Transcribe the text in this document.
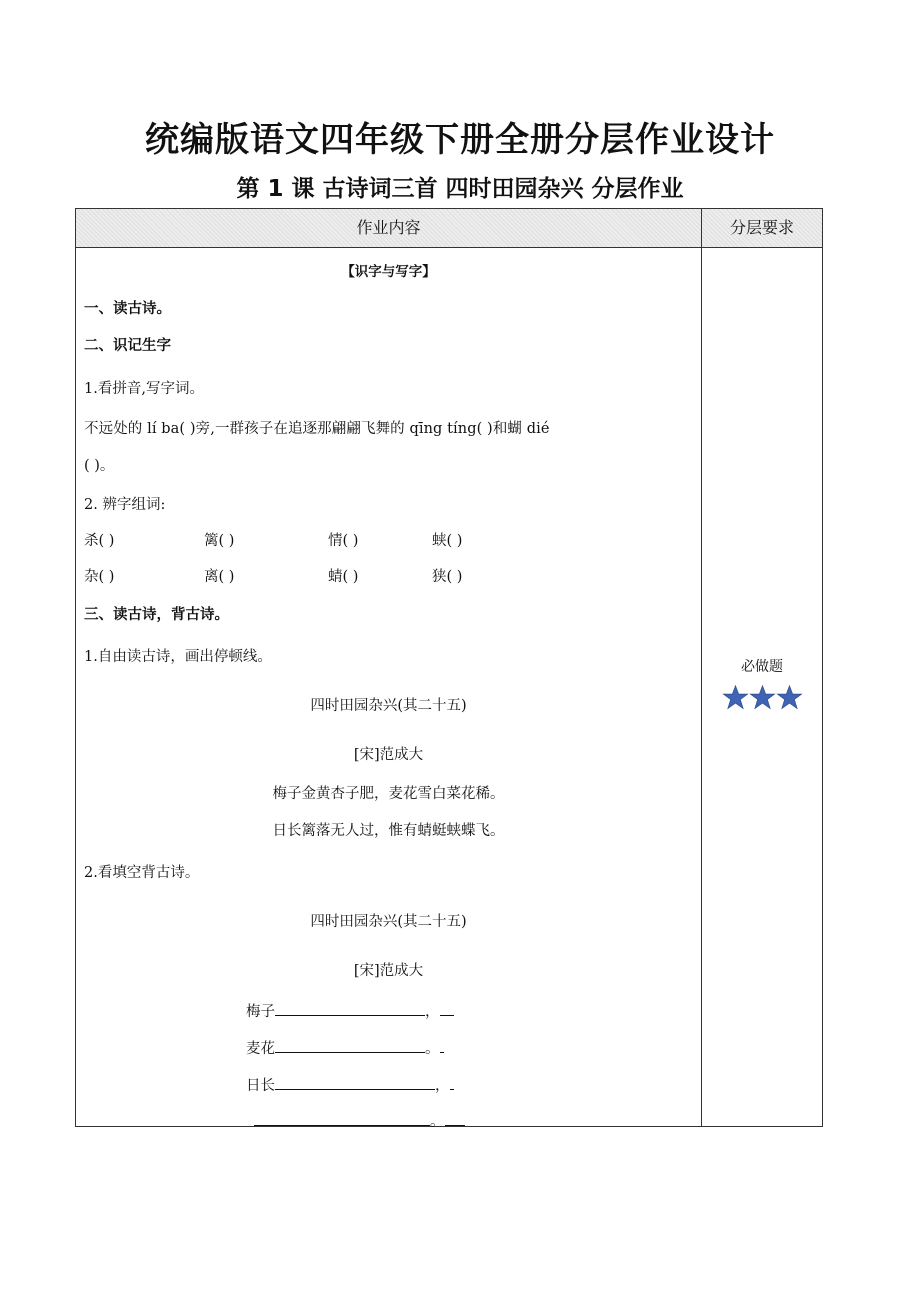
统编版语文四年级下册全册分层作业设计
第 1 课 古诗词三首 四时田园杂兴 分层作业
作业内容	分层要求
【识字与写字】
一、读古诗。
二、识记生字
1.看拼音,写字词。
不远处的 lí ba( )旁,一群孩子在追逐那翩翩飞舞的 qīng tíng( )和蝴 dié
( )。
2. 辨字组词:
杀( )	篱( )	情( )	蛱( )
杂( )	离( )	蜻( )	狭( )
三、读古诗，背古诗。
1.自由读古诗，画出停顿线。
四时田园杂兴(其二十五)
[宋]范成大
梅子金黄杏子肥，麦花雪白菜花稀。
日长篱落无人过，惟有蜻蜓蛱蝶飞。
2.看填空背古诗。
四时田园杂兴(其二十五)
[宋]范成大
梅子	，
麦花	。
日长	，
。
必做题
